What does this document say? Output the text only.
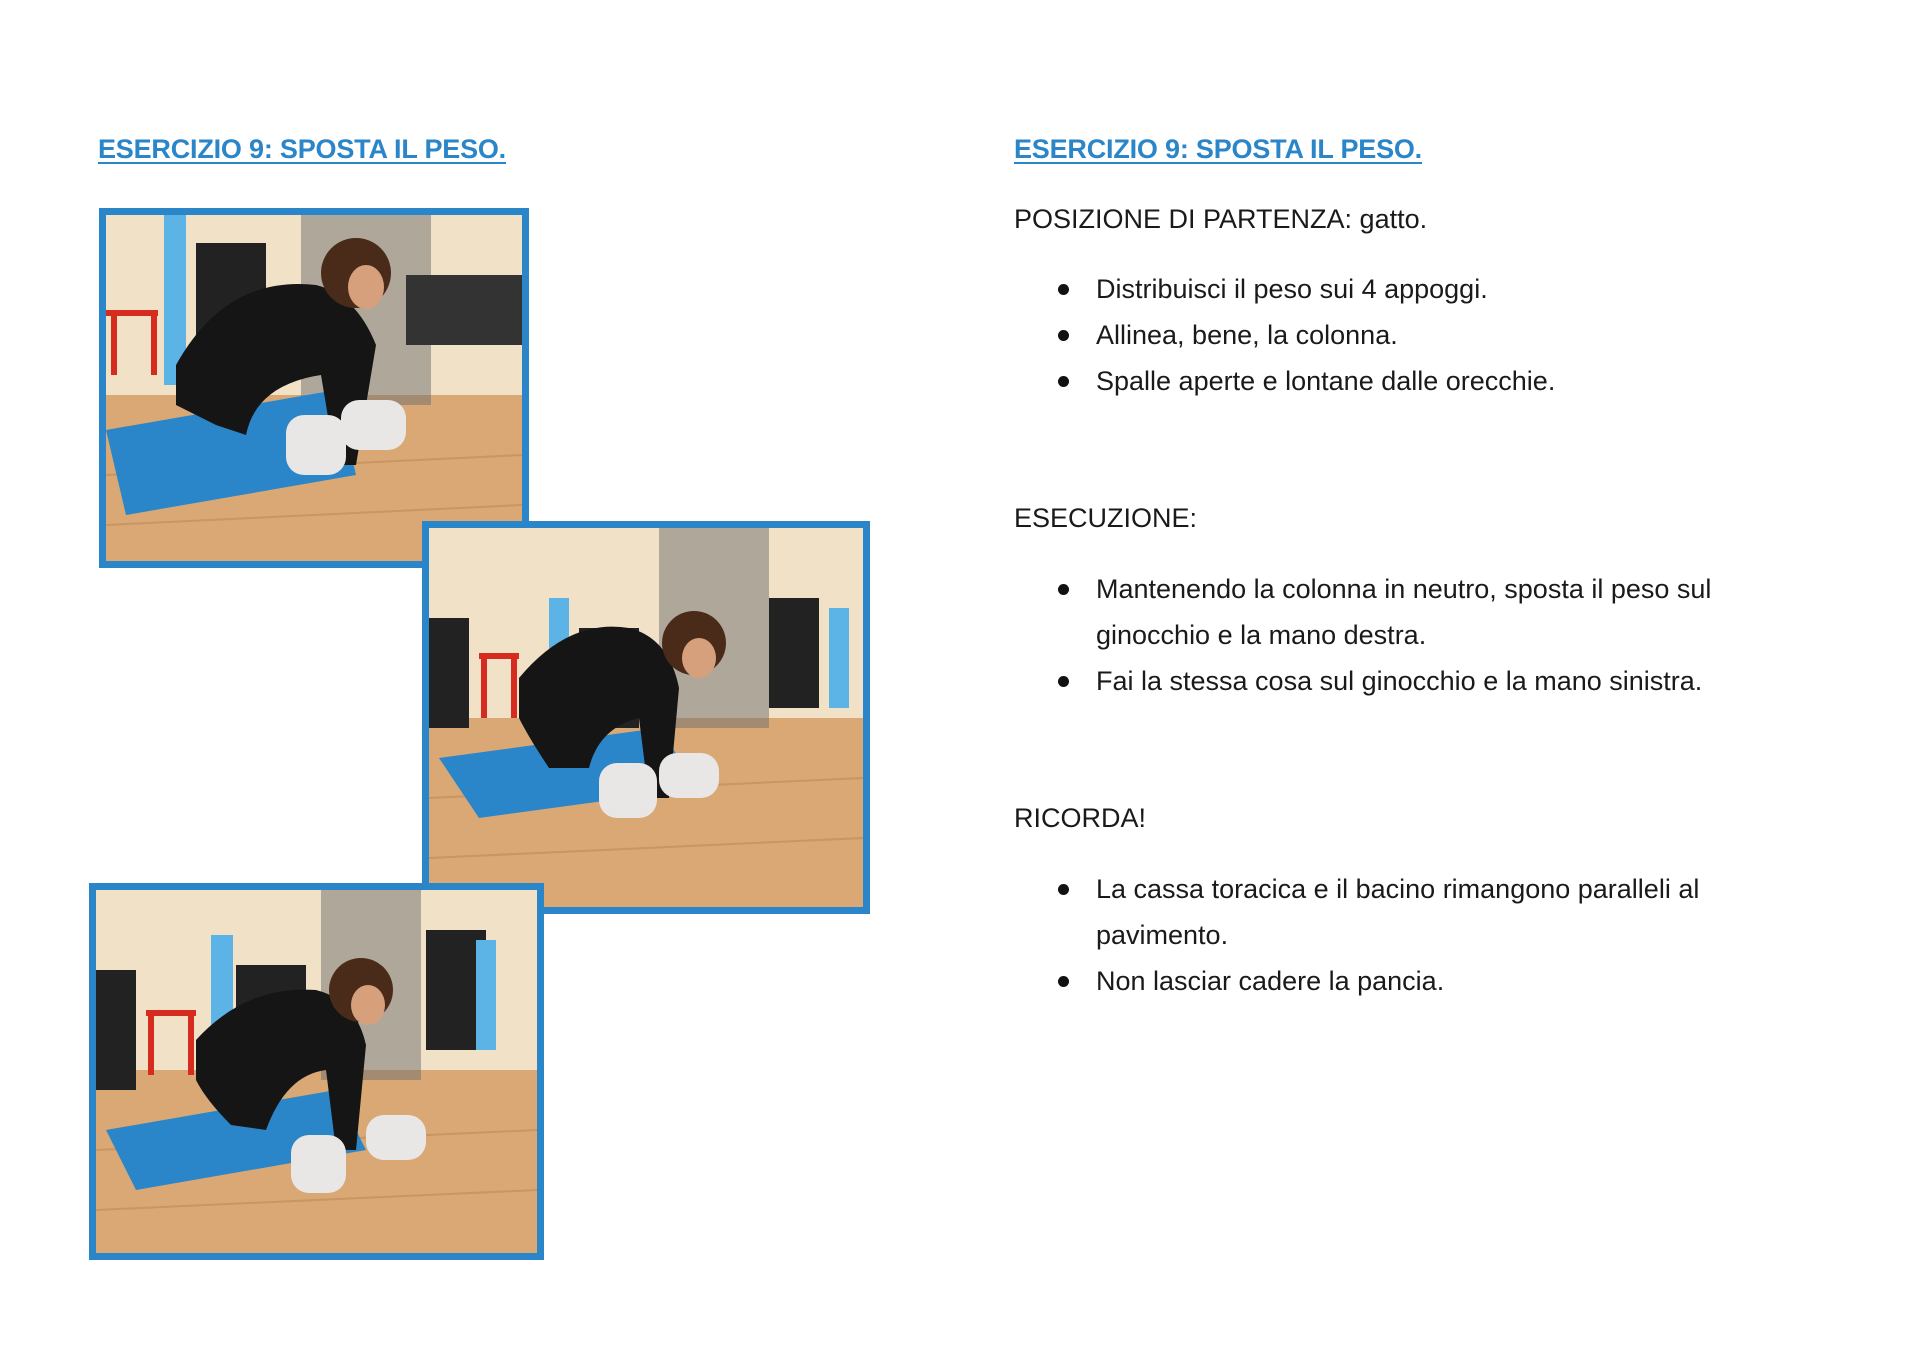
ESERCIZIO 9: SPOSTA IL PESO.	ESERCIZIO 9: SPOSTA IL PESO.

POSIZIONE DI PARTENZA: gatto.

Distribuisci il peso sui 4 appoggi.
Allinea, bene, la colonna.
Spalle aperte e lontane dalle orecchie.

ESECUZIONE:

Mantenendo la colonna in neutro, sposta il peso sul ginocchio e la mano destra.
Fai la stessa cosa sul ginocchio e la mano sinistra.

RICORDA!

La cassa toracica e il bacino rimangono paralleli al pavimento.
Non lasciar cadere la pancia.
